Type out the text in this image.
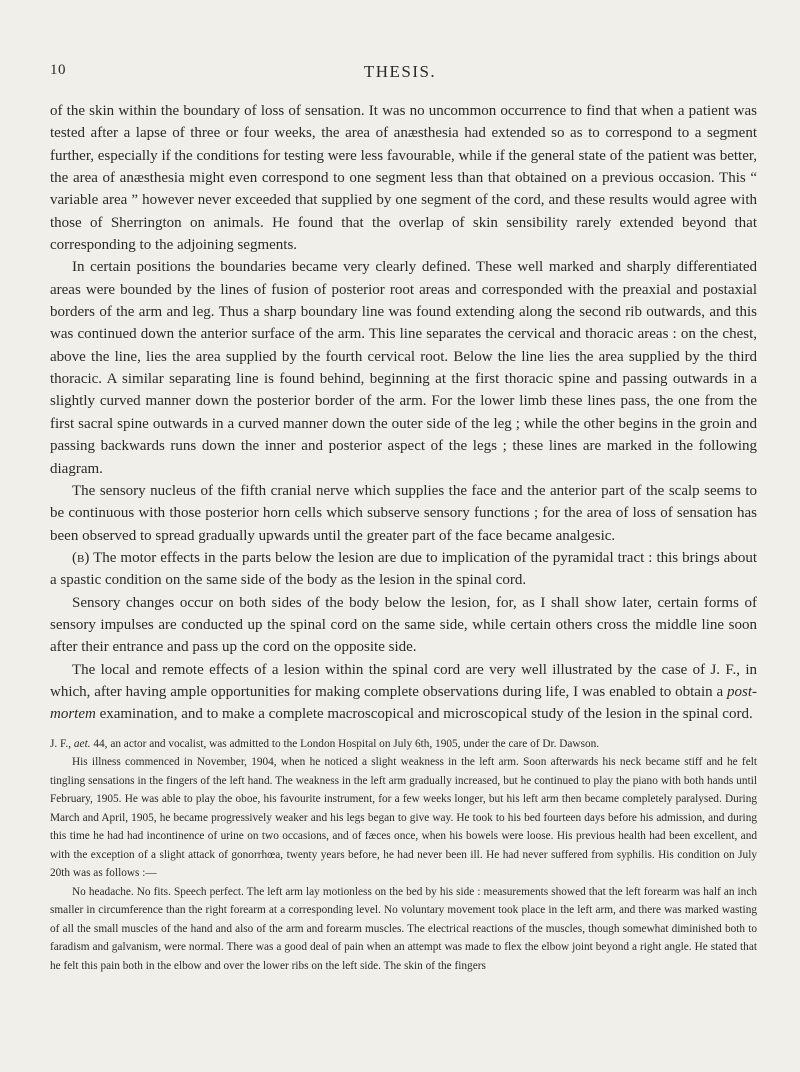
10	THESIS.

of the skin within the boundary of loss of sensation. It was no uncommon occurrence to find that when a patient was tested after a lapse of three or four weeks, the area of anæsthesia had extended so as to correspond to a segment further, especially if the conditions for testing were less favourable, while if the general state of the patient was better, the area of anæsthesia might even correspond to one segment less than that obtained on a previous occasion. This “ variable area ” however never exceeded that supplied by one segment of the cord, and these results would agree with those of Sherrington on animals. He found that the overlap of skin sensibility rarely extended beyond that corresponding to the adjoining segments.

In certain positions the boundaries became very clearly defined. These well marked and sharply differentiated areas were bounded by the lines of fusion of posterior root areas and corresponded with the preaxial and postaxial borders of the arm and leg. Thus a sharp boundary line was found extending along the second rib outwards, and this was continued down the anterior surface of the arm. This line separates the cervical and thoracic areas : on the chest, above the line, lies the area supplied by the fourth cervical root. Below the line lies the area supplied by the third thoracic. A similar separating line is found behind, beginning at the first thoracic spine and passing outwards in a slightly curved manner down the posterior border of the arm. For the lower limb these lines pass, the one from the first sacral spine outwards in a curved manner down the outer side of the leg ; while the other begins in the groin and passing backwards runs down the inner and posterior aspect of the legs ; these lines are marked in the following diagram.

The sensory nucleus of the fifth cranial nerve which supplies the face and the anterior part of the scalp seems to be continuous with those posterior horn cells which subserve sensory functions ; for the area of loss of sensation has been observed to spread gradually upwards until the greater part of the face became analgesic.

(b) The motor effects in the parts below the lesion are due to implication of the pyramidal tract : this brings about a spastic condition on the same side of the body as the lesion in the spinal cord.

Sensory changes occur on both sides of the body below the lesion, for, as I shall show later, certain forms of sensory impulses are conducted up the spinal cord on the same side, while certain others cross the middle line soon after their entrance and pass up the cord on the opposite side.

The local and remote effects of a lesion within the spinal cord are very well illustrated by the case of J. F., in which, after having ample opportunities for making complete observations during life, I was enabled to obtain a post-mortem examination, and to make a complete macroscopical and microscopical study of the lesion in the spinal cord.

J. F., aet. 44, an actor and vocalist, was admitted to the London Hospital on July 6th, 1905, under the care of Dr. Dawson.

His illness commenced in November, 1904, when he noticed a slight weakness in the left arm. Soon afterwards his neck became stiff and he felt tingling sensations in the fingers of the left hand. The weakness in the left arm gradually increased, but he continued to play the piano with both hands until February, 1905. He was able to play the oboe, his favourite instrument, for a few weeks longer, but his left arm then became completely paralysed. During March and April, 1905, he became progressively weaker and his legs began to give way. He took to his bed fourteen days before his admission, and during this time he had had incontinence of urine on two occasions, and of fæces once, when his bowels were loose. His previous health had been excellent, and with the exception of a slight attack of gonorrhœa, twenty years before, he had never been ill. He had never suffered from syphilis. His condition on July 20th was as follows :—

No headache. No fits. Speech perfect. The left arm lay motionless on the bed by his side : measurements showed that the left forearm was half an inch smaller in circumference than the right forearm at a corresponding level. No voluntary movement took place in the left arm, and there was marked wasting of all the small muscles of the hand and also of the arm and forearm muscles. The electrical reactions of the muscles, though somewhat diminished both to faradism and galvanism, were normal. There was a good deal of pain when an attempt was made to flex the elbow joint beyond a right angle. He stated that he felt this pain both in the elbow and over the lower ribs on the left side. The skin of the fingers
